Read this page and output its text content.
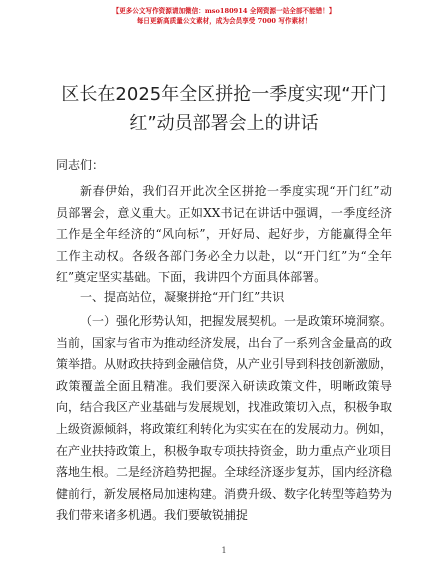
【更多公文写作资源请加微信：mso18091​4 全网资源一站全部不能错！】
每日更新高质量公文素材，成为会员享受 7000 写作素材！
区长在2025年全区拼抢一季度实现“开门红”动员部署会上的讲话
同志们：

新春伊始，我们召开此次全区拼抢一季度实现“开门红”动员部署会，意义重大。正如XX书记在讲话中强调，一季度经济工作是全年经济的“风向标”，开好局、起好步，方能赢得全年工作主动权。各级各部门务必全力以赴，以“开门红”为“全年红”奠定坚实基础。下面，我讲四个方面具体部署。

一、提高站位，凝聚拼抢“开门红”共识

（一）强化形势认知，把握发展契机。一是政策环境洞察。当前，国家与省市为推动经济发展，出台了一系列含金量高的政策举措。从财政扶持到金融信贷，从产业引导到科技创新激励，政策覆盖全面且精准。我们要深入研读政策文件，明晰政策导向，结合我区产业基础与发展规划，找准政策切入点，积极争取上级资源倾斜，将政策红利转化为实实在在的发展动力。例如，在产业扶持政策上，积极争取专项扶持资金，助力重点产业项目落地生根。二是经济趋势把握。全球经济逐步复苏，国内经济稳健前行，新发展格局加速构建。消费升级、数字化转型等趋势为我们带来诸多机遇。我们要敏锐捕捉

1
